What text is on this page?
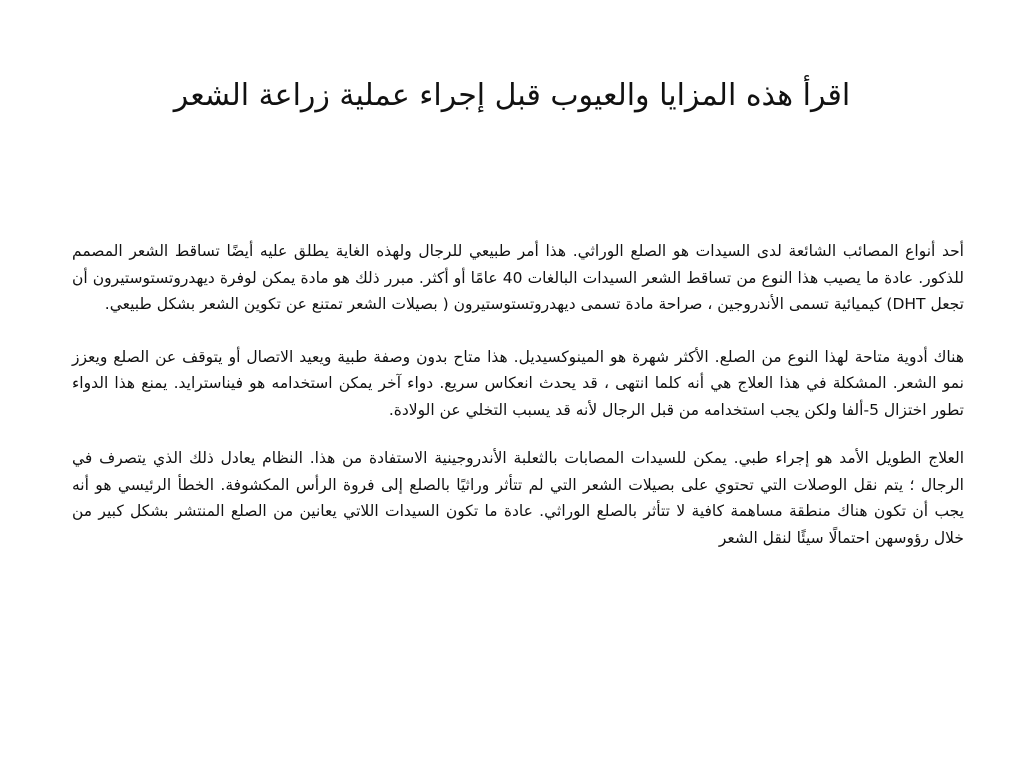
اقرأ هذه المزايا والعيوب قبل إجراء عملية زراعة الشعر

أحد أنواع المصائب الشائعة لدى السيدات هو الصلع الوراثي. هذا أمر طبيعي للرجال ولهذه الغاية يطلق عليه أيضًا تساقط الشعر المصمم للذكور. عادة ما يصيب هذا النوع من تساقط الشعر السيدات البالغات 40 عامًا أو أكثر. مبرر ذلك هو مادة يمكن لوفرة ديهدروتستوستيرون أن تجعل DHT) كيميائية تسمى الأندروجين ، صراحة مادة تسمى ديهدروتستوستيرون ( بصيلات الشعر تمتنع عن تكوين الشعر بشكل طبيعي.

هناك أدوية متاحة لهذا النوع من الصلع. الأكثر شهرة هو المينوكسيديل. هذا متاح بدون وصفة طبية ويعيد الاتصال أو يتوقف عن الصلع ويعزز نمو الشعر. المشكلة في هذا العلاج هي أنه كلما انتهى ، قد يحدث انعكاس سريع. دواء آخر يمكن استخدامه هو فيناسترايد. يمنع هذا الدواء تطور اختزال 5-ألفا ولكن يجب استخدامه من قبل الرجال لأنه قد يسبب التخلي عن الولادة.

العلاج الطويل الأمد هو إجراء طبي. يمكن للسيدات المصابات بالثعلبة الأندروجينية الاستفادة من هذا. النظام يعادل ذلك الذي يتصرف في الرجال ؛ يتم نقل الوصلات التي تحتوي على بصيلات الشعر التي لم تتأثر وراثيًا بالصلع إلى فروة الرأس المكشوفة. الخطأ الرئيسي هو أنه يجب أن تكون هناك منطقة مساهمة كافية لا تتأثر بالصلع الوراثي. عادة ما تكون السيدات اللاتي يعانين من الصلع المنتشر بشكل كبير من خلال رؤوسهن احتمالًا سيئًا لنقل الشعر
